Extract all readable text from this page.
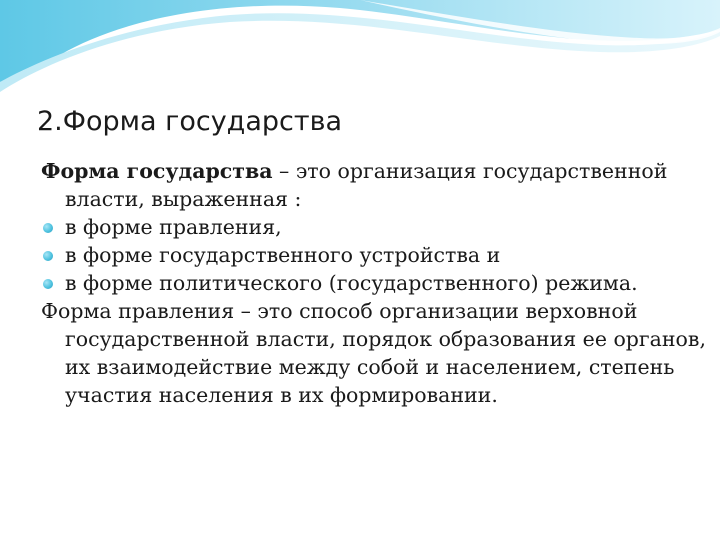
2.Форма государства

Форма государства – это организация государственной власти, выраженная :

в форме правления,
в форме государственного устройства и
в форме политического (государственного) режима.

Форма правления – это способ организации верховной государственной власти, порядок образования ее органов, их взаимодействие между собой и населением, степень участия населения в их формировании.
